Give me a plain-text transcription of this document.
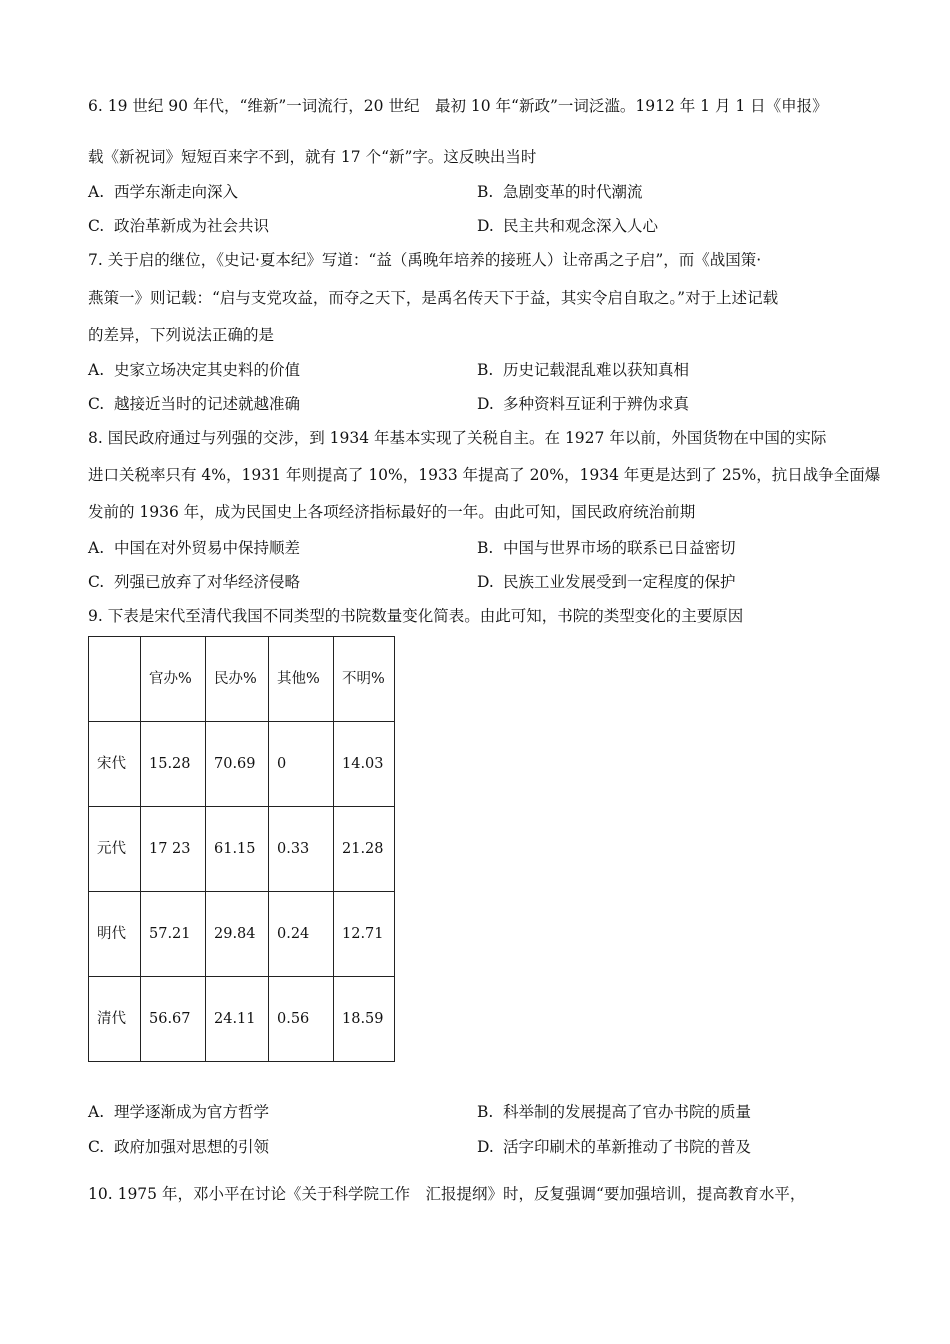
6. 19 世纪 90 年代，“维新”一词流行，20 世纪　最初 10 年“新政”一词泛滥。1912 年 1 月 1 日《申报》
载《新祝词》短短百来字不到，就有 17 个“新”字。这反映出当时
A. 西学东渐走向深入	B. 急剧变革的时代潮流
C. 政治革新成为社会共识	D. 民主共和观念深入人心
7. 关于启的继位，《史记·夏本纪》写道：“益（禹晚年培养的接班人）让帝禹之子启”，而《战国策·
燕策一》则记载：“启与支党攻益，而夺之天下，是禹名传天下于益，其实令启自取之。”对于上述记载
的差异，下列说法正确的是
A. 史家立场决定其史料的价值	B. 历史记载混乱难以获知真相
C. 越接近当时的记述就越准确	D. 多种资料互证利于辨伪求真
8. 国民政府通过与列强的交涉，到 1934 年基本实现了关税自主。在 1927 年以前，外国货物在中国的实际
进口关税率只有 4%，1931 年则提高了 10%，1933 年提高了 20%，1934 年更是达到了 25%，抗日战争全面爆
发前的 1936 年，成为民国史上各项经济指标最好的一年。由此可知，国民政府统治前期
A. 中国在对外贸易中保持顺差	B. 中国与世界市场的联系已日益密切
C. 列强已放弃了对华经济侵略	D. 民族工业发展受到一定程度的保护
9. 下表是宋代至清代我国不同类型的书院数量变化简表。由此可知，书院的类型变化的主要原因
	官办%	民办%	其他%	不明%

宋代	15.28	70.69	0	14.03

元代	17 23	61.15	0.33	21.28

明代	57.21	29.84	0.24	12.71

清代	56.67	24.11	0.56	18.59
A. 理学逐渐成为官方哲学	B. 科举制的发展提高了官办书院的质量
C. 政府加强对思想的引领	D. 活字印刷术的革新推动了书院的普及
10. 1975 年，邓小平在讨论《关于科学院工作　汇报提纲》时，反复强调“要加强培训，提高教育水平，
